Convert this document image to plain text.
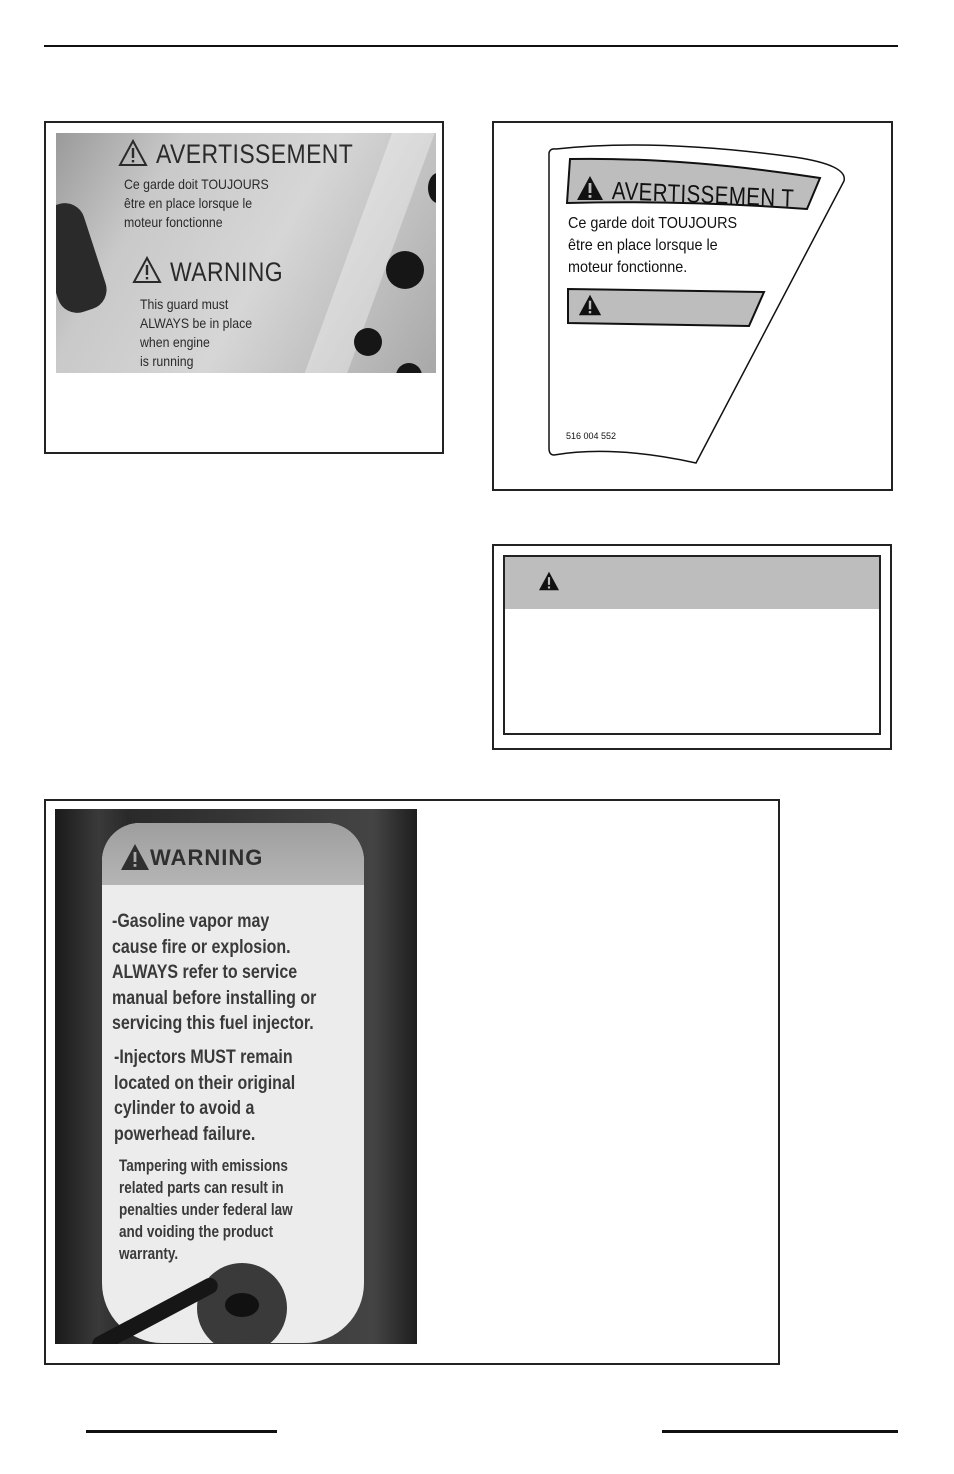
AVERTISSEMENT
Ce garde doit TOUJOURS
être en place lorsque le
moteur fonctionne
WARNING
This guard must
ALWAYS be in place
when engine
is running
AVERTISSEMEN T
Ce garde doit TOUJOURS
être en place lorsque le
moteur fonctionne.
516 004 552
WARNING
-Gasoline vapor may
cause fire or explosion.
ALWAYS refer to service
manual before installing or
servicing this fuel injector.
-Injectors MUST remain
located on their original
cylinder to avoid a
powerhead failure.
Tampering with emissions
related parts can result in
penalties under federal law
and voiding the product
warranty.
